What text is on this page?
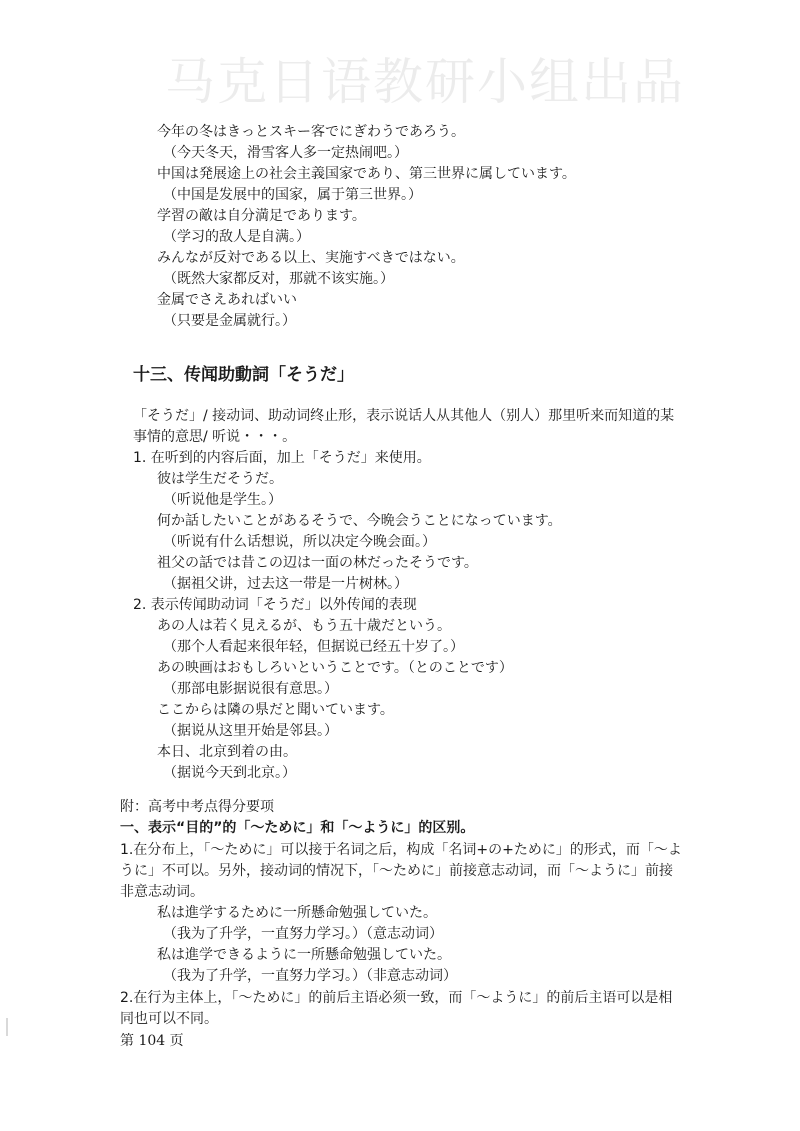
马克日语教研小组出品
今年の冬はきっとスキー客でにぎわうであろう。
（今天冬天，滑雪客人多一定热闹吧。）
中国は発展途上の社会主義国家であり、第三世界に属しています。
（中国是发展中的国家，属于第三世界。）
学習の敵は自分満足であります。
（学习的敌人是自满。）
みんなが反対である以上、実施すべきではない。
（既然大家都反对，那就不该实施。）
金属でさえあればいい
（只要是金属就行。）
十三、传闻助動詞「そうだ」
「そうだ」/ 接动词、助动词终止形，表示说话人从其他人（别人）那里听来而知道的某
事情的意思/ 听说・・・。
1. 在听到的内容后面，加上「そうだ」来使用。
彼は学生だそうだ。
（听说他是学生。）
何か話したいことがあるそうで、今晩会うことになっています。
（听说有什么话想说，所以决定今晚会面。）
祖父の話では昔この辺は一面の林だったそうです。
（据祖父讲，过去这一带是一片树林。）
2. 表示传闻助动词「そうだ」以外传闻的表现
あの人は若く見えるが、もう五十歳だという。
（那个人看起来很年轻，但据说已经五十岁了。）
あの映画はおもしろいということです。（とのことです）
（那部电影据说很有意思。）
ここからは隣の県だと聞いています。
（据说从这里开始是邻县。）
本日、北京到着の由。
（据说今天到北京。）
附：高考中考点得分要项
一、表示“目的”的「～ために」和「～ように」的区别。
1.在分布上，「～ために」可以接于名词之后，构成「名词+の+ために」的形式，而「～よ
うに」不可以。另外，接动词的情况下，「～ために」前接意志动词，而「～ように」前接
非意志动词。
私は進学するために一所懸命勉强していた。
（我为了升学，一直努力学习。）（意志动词）
私は進学できるように一所懸命勉强していた。
（我为了升学，一直努力学习。）（非意志动词）
2.在行为主体上，「～ために」的前后主语必须一致，而「～ように」的前后主语可以是相
同也可以不同。
第 104 页
